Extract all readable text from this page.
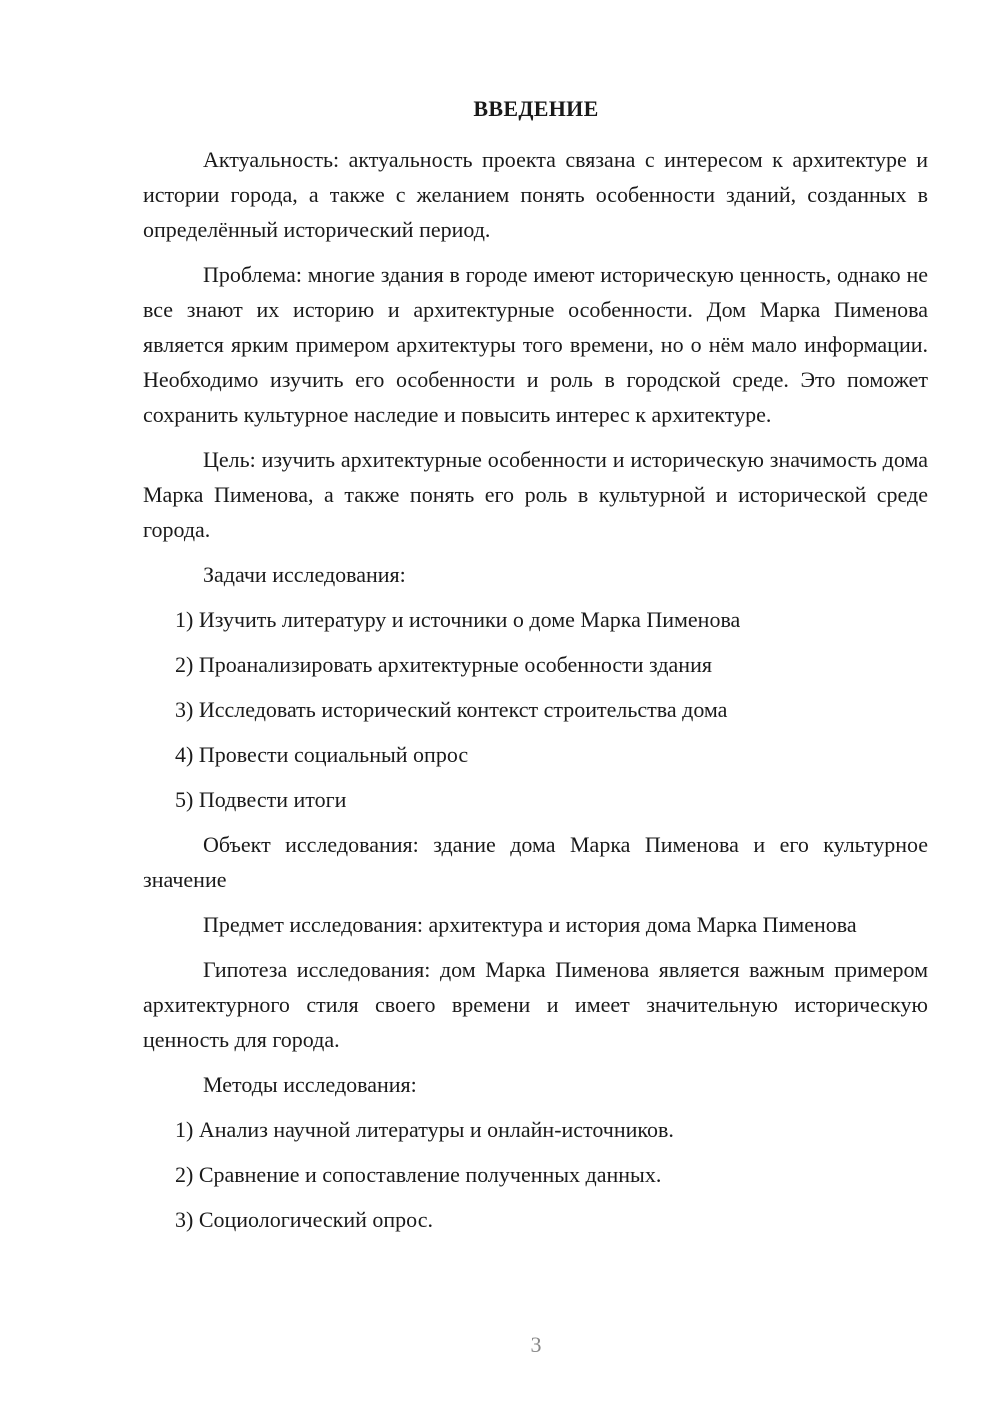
ВВЕДЕНИЕ

Актуальность: актуальность проекта связана с интересом к архитектуре и истории города, а также с желанием понять особенности зданий, созданных в определённый исторический период.

Проблема: многие здания в городе имеют историческую ценность, однако не все знают их историю и архитектурные особенности. Дом Марка Пименова является ярким примером архитектуры того времени, но о нём мало информации. Необходимо изучить его особенности и роль в городской среде. Это поможет сохранить культурное наследие и повысить интерес к архитектуре.

Цель: изучить архитектурные особенности и историческую значимость дома Марка Пименова, а также понять его роль в культурной и исторической среде города.

Задачи исследования:

1) Изучить литературу и источники о доме Марка Пименова

2) Проанализировать архитектурные особенности здания

3) Исследовать исторический контекст строительства дома

4) Провести социальный опрос

5) Подвести итоги

Объект исследования: здание дома Марка Пименова и его культурное значение

Предмет исследования: архитектура и история дома Марка Пименова

Гипотеза исследования: дом Марка Пименова является важным примером архитектурного стиля своего времени и имеет значительную историческую ценность для города.

Методы исследования:

1) Анализ научной литературы и онлайн-источников.

2) Сравнение и сопоставление полученных данных.

3) Социологический опрос.

3
